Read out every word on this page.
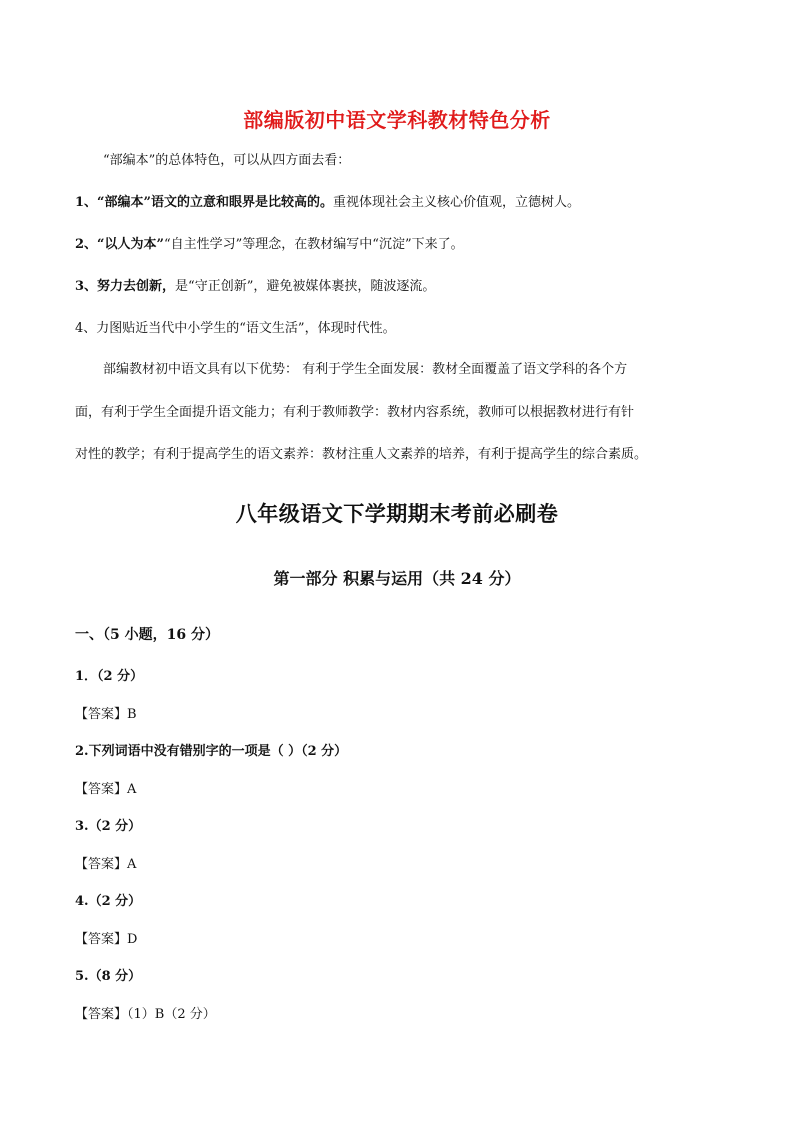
部编版初中语文学科教材特色分析
“部编本”的总体特色，可以从四方面去看：
1、“部编本”语文的立意和眼界是比较高的。重视体现社会主义核心价值观，立德树人。
2、“以人为本”“自主性学习”等理念，在教材编写中“沉淀”下来了。
3、努力去创新，是“守正创新”，避免被媒体裹挟，随波逐流。
4、力图贴近当代中小学生的“语文生活”，体现时代性。
部编教材初中语文具有以下优势： 有利于学生全面发展：教材全面覆盖了语文学科的各个方
面，有利于学生全面提升语文能力；有利于教师教学：教材内容系统，教师可以根据教材进行有针
对性的教学；有利于提高学生的语文素养：教材注重人文素养的培养，有利于提高学生的综合素质。
八年级语文下学期期末考前必刷卷
第一部分 积累与运用（共 24 分）
一、（5 小题，16 分）
1．（2 分）
【答案】B
2.下列词语中没有错别字的一项是（ ）（2 分）
【答案】A
3.（2 分）
【答案】A
4.（2 分）
【答案】D
5.（8 分）
【答案】（1）B（2 分）
